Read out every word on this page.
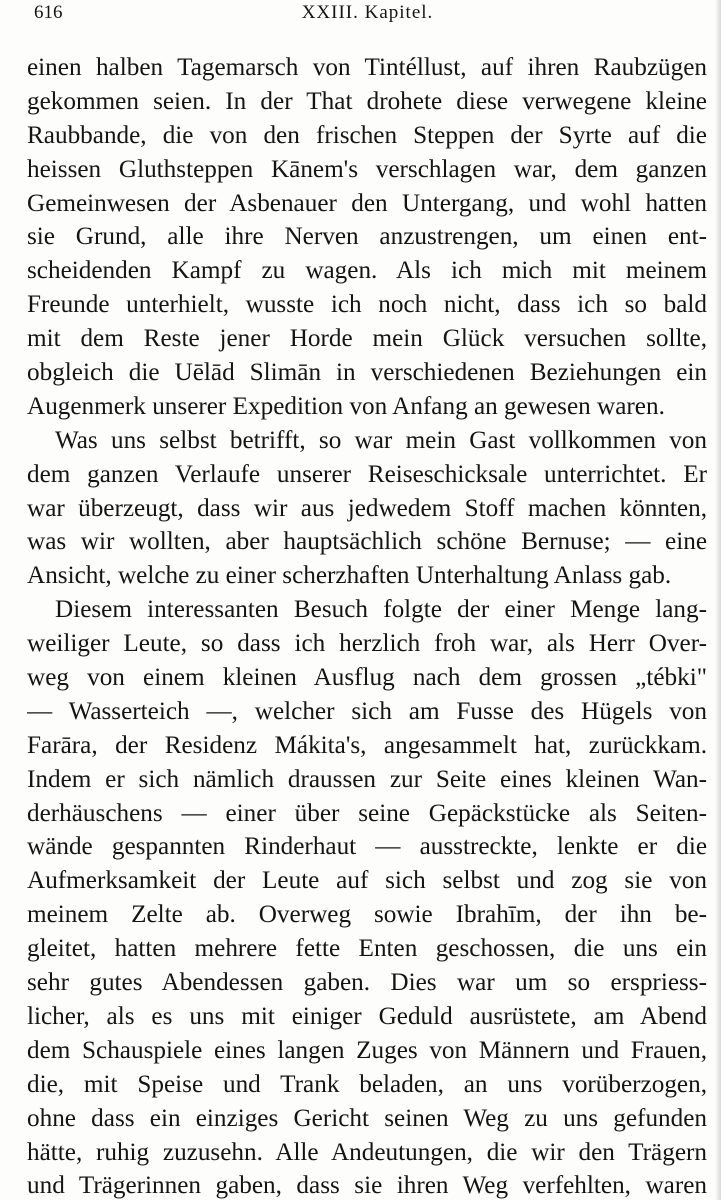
616	XXIII. Kapitel.
einen halben Tagemarsch von Tintéllust, auf ihren Raubzügen
gekommen seien. In der That drohete diese verwegene kleine
Raubbande, die von den frischen Steppen der Syrte auf die
heissen Gluthsteppen Kānem's verschlagen war, dem ganzen
Gemeinwesen der Asbenauer den Untergang, und wohl hatten
sie Grund, alle ihre Nerven anzustrengen, um einen ent-
scheidenden Kampf zu wagen. Als ich mich mit meinem
Freunde unterhielt, wusste ich noch nicht, dass ich so bald
mit dem Reste jener Horde mein Glück versuchen sollte,
obgleich die Uēlād Slimān in verschiedenen Beziehungen ein
Augenmerk unserer Expedition von Anfang an gewesen waren.
Was uns selbst betrifft, so war mein Gast vollkommen von
dem ganzen Verlaufe unserer Reiseschicksale unterrichtet. Er
war überzeugt, dass wir aus jedwedem Stoff machen könnten,
was wir wollten, aber hauptsächlich schöne Bernuse; — eine
Ansicht, welche zu einer scherzhaften Unterhaltung Anlass gab.
Diesem interessanten Besuch folgte der einer Menge lang-
weiliger Leute, so dass ich herzlich froh war, als Herr Over-
weg von einem kleinen Ausflug nach dem grossen „tébki"
— Wasserteich —, welcher sich am Fusse des Hügels von
Farāra, der Residenz Mákita's, angesammelt hat, zurückkam.
Indem er sich nämlich draussen zur Seite eines kleinen Wan-
derhäuschens — einer über seine Gepäckstücke als Seiten-
wände gespannten Rinderhaut — ausstreckte, lenkte er die
Aufmerksamkeit der Leute auf sich selbst und zog sie von
meinem Zelte ab. Overweg sowie Ibrahīm, der ihn be-
gleitet, hatten mehrere fette Enten geschossen, die uns ein
sehr gutes Abendessen gaben. Dies war um so erspriess-
licher, als es uns mit einiger Geduld ausrüstete, am Abend
dem Schauspiele eines langen Zuges von Männern und Frauen,
die, mit Speise und Trank beladen, an uns vorüberzogen,
ohne dass ein einziges Gericht seinen Weg zu uns gefunden
hätte, ruhig zuzusehn. Alle Andeutungen, die wir den Trägern
und Trägerinnen gaben, dass sie ihren Weg verfehlten, waren
